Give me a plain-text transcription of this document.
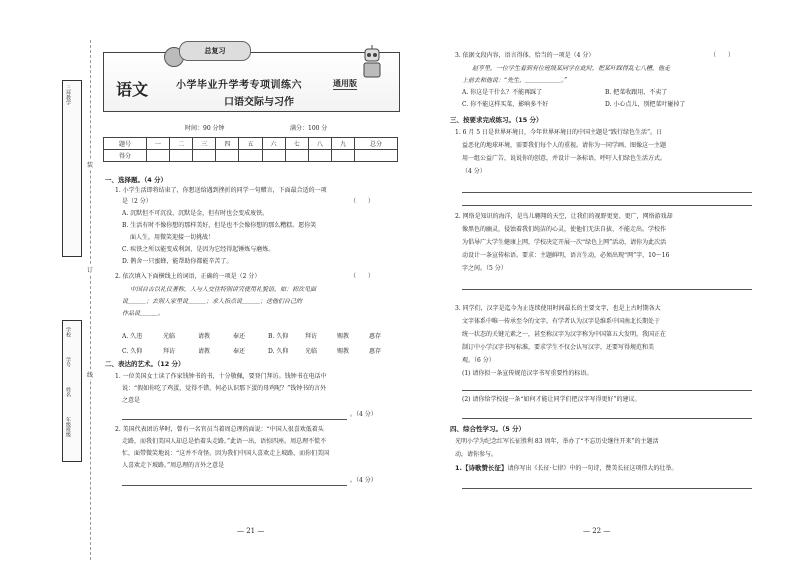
三环教学
学校
学号
姓名
年级班级
装
订
线
总复习
语文	小学毕业升学考专项训练六
口语交际与习作
通用版
时间：90 分钟	满分：100 分
题号	一	二	三	四	五	六	七	八	九	总分
得分										
一、选择题。（4 分）
1. 小学生活即将结束了，你想送给遇到挫折的同学一句赠言，下面最合适的一项
是（2 分）	（　　）
A. 沉默但不可沉没，沉默是金，但有时也会变成废铁。
B. 生活有时不像你想的那样美好，但是也不会像你想的那么糟糕。愿你笑
面人生，用微笑迎接一切挑战！
C. 疾铁之所以能变成利剑，是因为它经得起锤炼与磨炼。
D. 鹊舍一只蜜蜂，能帮助你都能辛苦了。
2. 依次填入下面横线上的词语，正确的一项是（2 分）	（　　）
中国自古以礼仪著称，人与人交往特别讲究使用礼貌语，如：初次见面
说＿＿＿；去别人家里说＿＿＿；求人指点说＿＿＿；送他们自己的
作品说＿＿＿。
A. 久违	光临	请教	奉还	B. 久仰	拜访	赐教	惠存
C. 久仰	拜访	请教	奉还	D. 久仰	光临	赐教	惠存
二、表达的艺术。（12 分）
1. 一位美国女士读了作家钱钟书的书，十分敬佩，要登门拜访。钱钟书在电话中
说：“假如你吃了鸡蛋，觉得不错，何必认识那下蛋的母鸡呢？”钱钟书的言外
之意是
。（4 分）
2. 美国代表团访华时，曾有一名官员当着周总理的面说：“中国人很喜欢低着头
走路，而我们美国人却总是抬着头走路。”此语一出，语惊四座。周总理不慌不
忙，面带微笑地说：“这并不奇怪。因为我们中国人喜欢走上坡路，而你们美国
人喜欢走下坡路。”周总理的言外之意是
。（4 分）
— 21 —
3. 依据文段内容，语言得体、恰当的一项是（4 分）	（　　）
赵亨里，一位学生看到有位班级某同学在此时，把某叶踩得乱七八糟，他走
上前去和他说：“先生，＿＿＿＿＿＿。”
A. 你这是干什么？不能再踩了	B. 把菜收跟用，不卖了
C. 你不能这样买菜，影响多不好	D. 小心点儿，别把菜叶碰掉了
三、按要求完成练习。（15 分）
1. 6 月 5 日是世界环境日，今年世界环境日的中国主题是“践行绿色生活”。日
益恶化的地球环境，需要我们每个人的重视。请你为一同学画、图像这一主题
用一组公益广告，说说你的创意，并设计一条标语，呼吁人们绿色生活方式。
（4 分）
2. 网络是知识的海洋，是鸟儿翱翔的天空，让我们的视野更宽、更广，网络游戏却
像黑色的幽灵，侵蚀着我们纯洁的心灵，使他们无法自拔、不能走出。学校作
为倡导广大学生健康上网，学校决定开展一次“绿色上网”活动，请你为此次活
动设计一条宣传标语。要求：主题鲜明，语言生动，必须出现“网”字，10～16
字之间。（5 分）
3. 同学们，汉字是迄今为止连续使用时间最长的主要文字，也是上古时期各大
文字体系中唯一传承至今的文字。有学者认为汉字是维系中国南北长期处于
统一状态的关键元素之一，甚至称汉字为汉字称为中国第五大发明，我国正在
制订中小学汉字书写标准，要求学生不仅会认写汉字，还要写得规范和美
观。（6 分）
(1) 请你拟一条宣传规范汉字书写重要性的标语。
(2) 请你给学校提一条“如何才能让同学们把汉字写得更好”的建议。
四、综合性学习。（5 分）
光明小学为纪念红军长征胜利 83 周年，举办了“不忘历史继往开来”的主题活
动，请你参与。
1.【诗歌赞长征】请你写出《长征·七律》中的一句诗，赞美长征这项伟大的壮举。
— 22 —
